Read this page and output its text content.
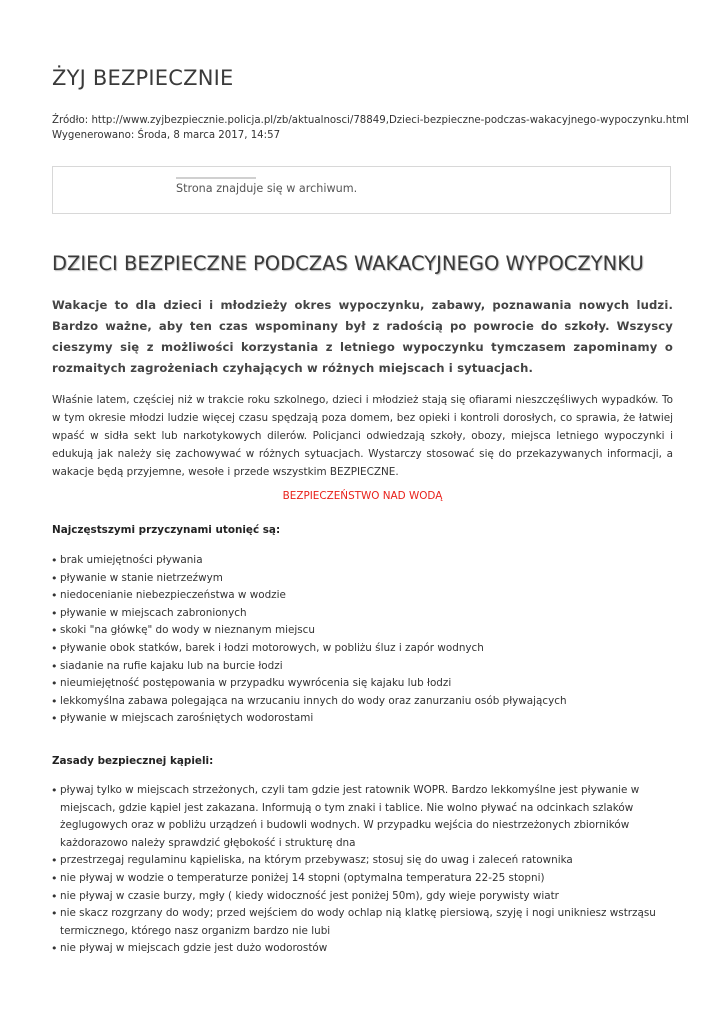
ŻYJ BEZPIECZNIE
Źródło: http://www.zyjbezpiecznie.policja.pl/zb/aktualnosci/78849,Dzieci-bezpieczne-podczas-wakacyjnego-wypoczynku.html
Wygenerowano: Środa, 8 marca 2017, 14:57
Strona znajduje się w archiwum.
DZIECI BEZPIECZNE PODCZAS WAKACYJNEGO WYPOCZYNKU

Wakacje to dla dzieci i młodzieży okres wypoczynku, zabawy, poznawania nowych ludzi. Bardzo ważne, aby ten czas wspominany był z radością po powrocie do szkoły. Wszyscy cieszymy się z możliwości korzystania z letniego wypoczynku tymczasem zapominamy o rozmaitych zagrożeniach czyhających w różnych miejscach i sytuacjach.

Właśnie latem, częściej niż w trakcie roku szkolnego, dzieci i młodzież stają się ofiarami nieszczęśliwych wypadków. To w tym okresie młodzi ludzie więcej czasu spędzają poza domem, bez opieki i kontroli dorosłych, co sprawia, że łatwiej wpaść w sidła sekt lub narkotykowych dilerów. Policjanci odwiedzają szkoły, obozy, miejsca letniego wypoczynki i edukują jak należy się zachowywać w różnych sytuacjach. Wystarczy stosować się do przekazywanych informacji, a wakacje będą przyjemne, wesołe i przede wszystkim BEZPIECZNE.

BEZPIECZEŃSTWO NAD WODĄ
Najczęstszymi przyczynami utonięć są:
• brak umiejętności pływania
• pływanie w stanie nietrzeźwym
• niedocenianie niebezpieczeństwa w wodzie
• pływanie w miejscach zabronionych
• skoki "na główkę" do wody w nieznanym miejscu
• pływanie obok statków, barek i łodzi motorowych, w pobliżu śluz i zapór wodnych
• siadanie na rufie kajaku lub na burcie łodzi
• nieumiejętność postępowania w przypadku wywrócenia się kajaku lub łodzi
• lekkomyślna zabawa polegająca na wrzucaniu innych do wody oraz zanurzaniu osób pływających
• pływanie w miejscach zarośniętych wodorostami
Zasady bezpiecznej kąpieli:
• pływaj tylko w miejscach strzeżonych, czyli tam gdzie jest ratownik WOPR. Bardzo lekkomyślne jest pływanie w miejscach, gdzie kąpiel jest zakazana. Informują o tym znaki i tablice. Nie wolno pływać na odcinkach szlaków żeglugowych oraz w pobliżu urządzeń i budowli wodnych. W przypadku wejścia do niestrzeżonych zbiorników każdorazowo należy sprawdzić głębokość i strukturę dna
• przestrzegaj regulaminu kąpieliska, na którym przebywasz; stosuj się do uwag i zaleceń ratownika
• nie pływaj w wodzie o temperaturze poniżej 14 stopni (optymalna temperatura 22-25 stopni)
• nie pływaj w czasie burzy, mgły ( kiedy widoczność jest poniżej 50m), gdy wieje porywisty wiatr
• nie skacz rozgrzany do wody; przed wejściem do wody ochlap nią klatkę piersiową, szyję i nogi unikniesz wstrząsu termicznego, którego nasz organizm bardzo nie lubi
• nie pływaj w miejscach gdzie jest dużo wodorostów
